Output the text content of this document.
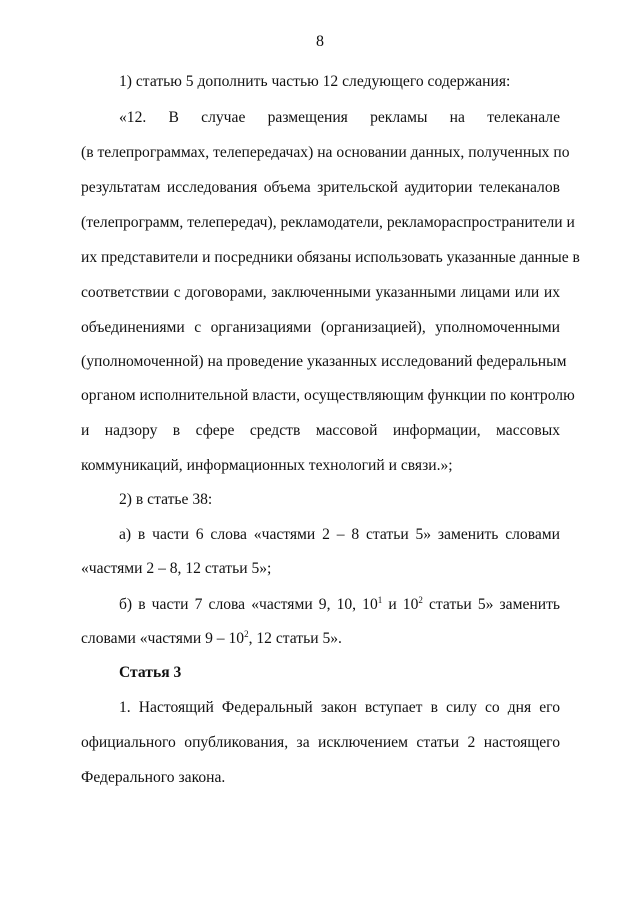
8
1) статью 5 дополнить частью 12 следующего содержания:
«12. В случае размещения рекламы на телеканале
(в телепрограммах, телепередачах) на основании данных, полученных по
результатам исследования объема зрительской аудитории телеканалов
(телепрограмм, телепередач), рекламодатели, рекламораспространители и
их представители и посредники обязаны использовать указанные данные в
соответствии с договорами, заключенными указанными лицами или их
объединениями с организациями (организацией), уполномоченными
(уполномоченной) на проведение указанных исследований федеральным
органом исполнительной власти, осуществляющим функции по контролю
и надзору в сфере средств массовой информации, массовых
коммуникаций, информационных технологий и связи.»;
2) в статье 38:
а) в части 6 слова «частями 2 – 8 статьи 5» заменить словами
«частями 2 – 8, 12 статьи 5»;
б) в части 7 слова «частями 9, 10, $10^1$ и $10^2$ статьи 5» заменить
словами «частями $9 - 10^2$, 12 статьи 5».
Статья 3
1. Настоящий Федеральный закон вступает в силу со дня его
официального опубликования, за исключением статьи 2 настоящего
Федерального закона.
